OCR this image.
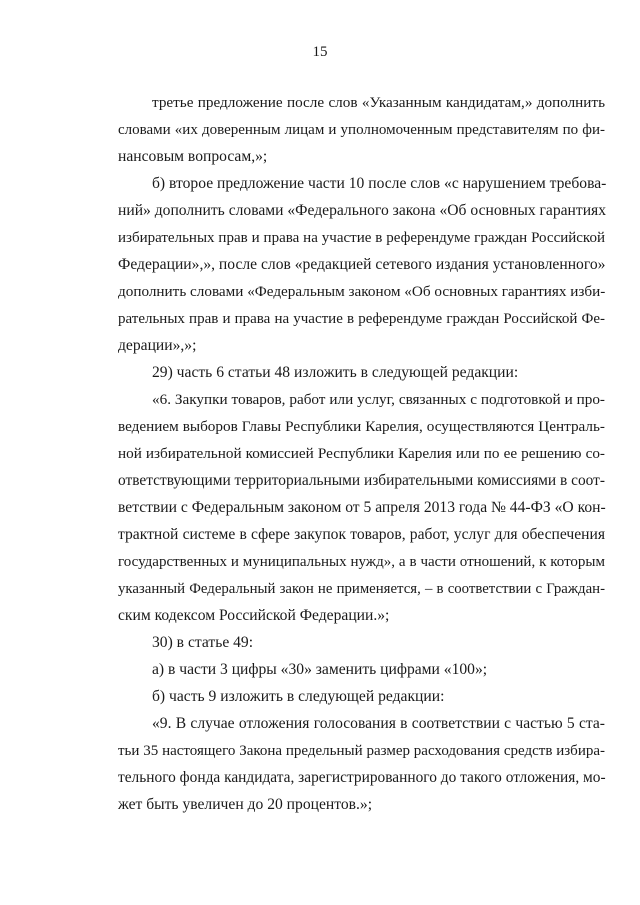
15
третье предложение после слов «Указанным кандидатам,» дополнить
словами «их доверенным лицам и уполномоченным представителям по фи-
нансовым вопросам,»;
б) второе предложение части 10 после слов «с нарушением требова-
ний» дополнить словами «Федерального закона «Об основных гарантиях
избирательных прав и права на участие в референдуме граждан Российской
Федерации»,», после слов «редакцией сетевого издания установленного»
дополнить словами «Федеральным законом «Об основных гарантиях изби-
рательных прав и права на участие в референдуме граждан Российской Фе-
дерации»,»;
29) часть 6 статьи 48 изложить в следующей редакции:
«6. Закупки товаров, работ или услуг, связанных с подготовкой и про-
ведением выборов Главы Республики Карелия, осуществляются Централь-
ной избирательной комиссией Республики Карелия или по ее решению со-
ответствующими территориальными избирательными комиссиями в соот-
ветствии с Федеральным законом от 5 апреля 2013 года № 44-ФЗ «О кон-
трактной системе в сфере закупок товаров, работ, услуг для обеспечения
государственных и муниципальных нужд», а в части отношений, к которым
указанный Федеральный закон не применяется, – в соответствии с Граждан-
ским кодексом Российской Федерации.»;
30) в статье 49:
а) в части 3 цифры «30» заменить цифрами «100»;
б) часть 9 изложить в следующей редакции:
«9. В случае отложения голосования в соответствии с частью 5 ста-
тьи 35 настоящего Закона предельный размер расходования средств избира-
тельного фонда кандидата, зарегистрированного до такого отложения, мо-
жет быть увеличен до 20 процентов.»;
